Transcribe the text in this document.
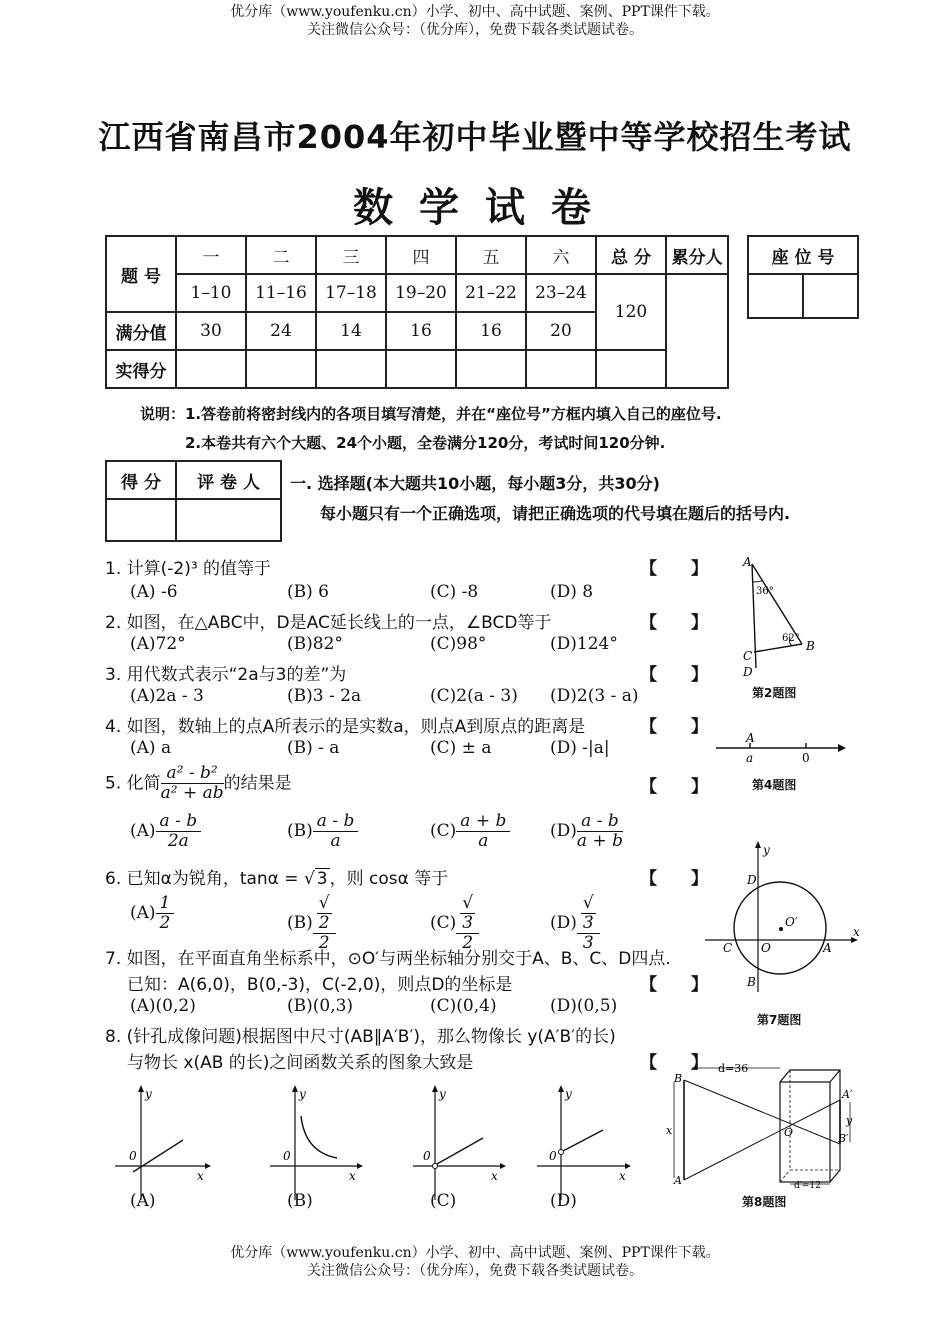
优分库（www.youfenku.cn）小学、初中、高中试题、案例、PPT课件下载。
关注微信公众号：（优分库），免费下载各类试题试卷。
江西省南昌市2004年初中毕业暨中等学校招生考试
数 学 试 卷
题 号	一	二	三	四	五	六	总 分	累分人
	1–10	11–16	17–18	19–20	21–22	23–24	120	
满分值	30	24	14	16	16	20		
实得分								
座 位 号

说明：1.答卷前将密封线内的各项目填写清楚，并在“座位号”方框内填入自己的座位号.
2.本卷共有六个大题、24个小题，全卷满分120分，考试时间120分钟.
得 分	评 卷 人
	一. 选择题(本大题共10小题，每小题3分，共30分)
每小题只有一个正确选项，请把正确选项的代号填在题后的括号内.
1. 计算(-2)³ 的值等于	【　　】
(A) -6	(B) 6	(C) -8	(D) 8
2. 如图，在△ABC中，D是AC延长线上的一点，∠BCD等于	【　　】
(A)72°	(B)82°	(C)98°	(D)124°
3. 用代数式表示“2a与3的差”为	【　　】
(A)2a - 3	(B)3 - 2a	(C)2(a - 3) (D)2(3 - a)
4. 如图，数轴上的点A所表示的是实数a，则点A到原点的距离是	【　　】
(A) a	(B) - a	(C) ± a	(D) -|a|
5. 化简 $\frac{\text{a² - b²}}{\text{a² + ab}}$ 的结果是	【　　】
$(A) \frac{a - b}{2a}$	$(B) \frac{a - b}{a}$	$(C) \frac{a + b}{a} (D) \frac{a - b}{a + b}$
6. 已知α为锐角，tanα = √ 3 ，则 cosα 等于	【　　】
$(A) \frac{1}{2}$	(B) √
2
2	(C) √
3
2	(D) √
3
3
7. 如图，在平面直角坐标系中，⊙O′与两坐标轴分别交于A、B、C、D四点.
已知：A(6,0)，B(0,-3)，C(-2,0)，则点D的坐标是	【　　】
(A)(0,2)	(B)(0,3)	(C)(0,4)	(D)(0,5)
8. (针孔成像问题)根据图中尺寸(AB∥A′B′)，那么物像长 y(A′B′的长)
与物长 x(AB 的长)之间函数关系的图象大致是	【　　】
y
0
x
y
0
x
y
0
x
y
0
x
(A)	(B)	(C)	(D)
A
B
C
D
36°
62°
第2题图
A
a	0
第4题图
y
D
O′
C O	A
x
B
第7题图
d=36
d′=12
B
A
x	O
A′
B′
y
第8题图
优分库（www.youfenku.cn）小学、初中、高中试题、案例、PPT课件下载。
关注微信公众号：（优分库），免费下载各类试题试卷。
